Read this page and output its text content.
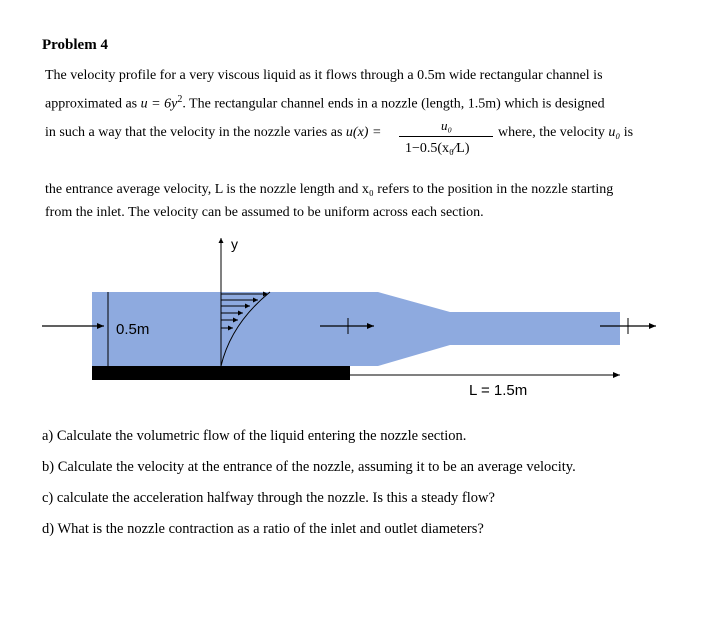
Problem 4
The velocity profile for a very viscous liquid as it flows through a 0.5m wide rectangular channel is
approximated as $u = 6y^2$. The rectangular channel ends in a nozzle (length, 1.5m) which is designed
in such a way that the velocity in the nozzle varies as u(x) =	u₀
1−0.5(x₀⁄L)
where, the velocity u₀ is
the entrance average velocity, L is the nozzle length and x₀ refers to the position in the nozzle starting
from the inlet. The velocity can be assumed to be uniform across each section.
y
0.5m
L = 1.5m
a) Calculate the volumetric flow of the liquid entering the nozzle section.
b) Calculate the velocity at the entrance of the nozzle, assuming it to be an average velocity.
c) calculate the acceleration halfway through the nozzle. Is this a steady flow?
d) What is the nozzle contraction as a ratio of the inlet and outlet diameters?
